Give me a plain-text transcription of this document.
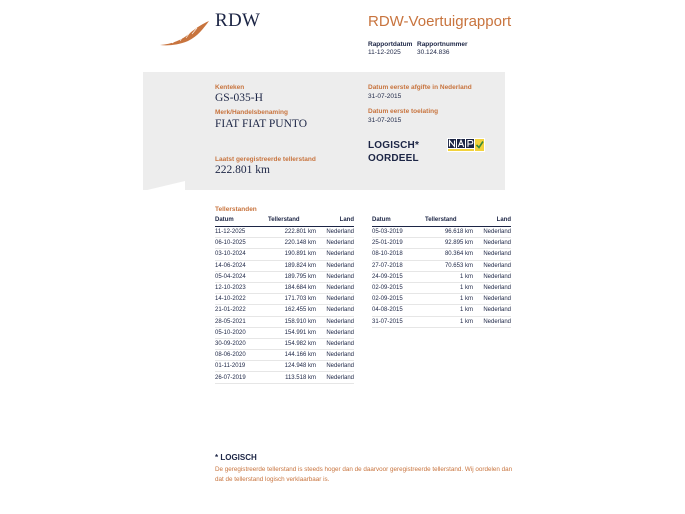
RDW	RDW-Voertuigrapport
Rapportdatum
11-12-2025
Rapportnummer
30.124.836
Kenteken
GS-035-H
Merk/Handelsbenaming
FIAT FIAT PUNTO
Laatst geregistreerde tellerstand
222.801 km
Datum eerste afgifte in Nederland
31-07-2015
Datum eerste toelating
31-07-2015
LOGISCH*
OORDEEL
Tellerstanden
Datum	Tellerstand	Land
11-12-2025	222.801 km	Nederland
06-10-2025	220.148 km	Nederland
03-10-2024	190.891 km	Nederland
14-06-2024	189.824 km	Nederland
05-04-2024	189.795 km	Nederland
12-10-2023	184.684 km	Nederland
14-10-2022	171.703 km	Nederland
21-01-2022	162.455 km	Nederland
28-05-2021	158.910 km	Nederland
05-10-2020	154.991 km	Nederland
30-09-2020	154.982 km	Nederland
08-06-2020	144.166 km	Nederland
01-11-2019	124.948 km	Nederland
26-07-2019	113.518 km	Nederland
Datum	Tellerstand	Land
05-03-2019	96.618 km	Nederland
25-01-2019	92.895 km	Nederland
08-10-2018	80.364 km	Nederland
27-07-2018	70.653 km	Nederland
24-09-2015	1 km	Nederland
02-09-2015	1 km	Nederland
02-09-2015	1 km	Nederland
04-08-2015	1 km	Nederland
31-07-2015	1 km	Nederland
* LOGISCH
De geregistreerde tellerstand is steeds hoger dan de daarvoor geregistreerde tellerstand. Wij oordelen dan dat de tellerstand logisch verklaarbaar is.
